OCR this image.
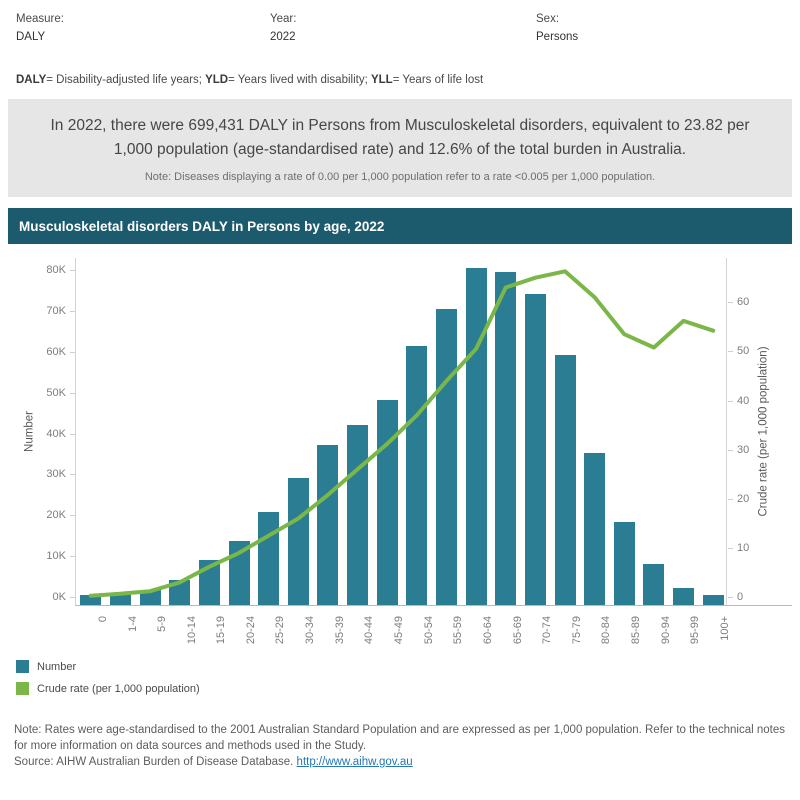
Measure:
DALY
Year:
2022
Sex:
Persons
DALY= Disability-adjusted life years; YLD= Years lived with disability; YLL= Years of life lost
In 2022, there were 699,431 DALY in Persons from Musculoskeletal disorders, equivalent to 23.82 per 1,000 population (age-standardised rate) and 12.6% of the total burden in Australia.
Note: Diseases displaying a rate of 0.00 per 1,000 population refer to a rate <0.005 per 1,000 population.
Musculoskeletal disorders DALY in Persons by age, 2022
Number	Crude rate (per 1,000 population)
0K
10K
20K
30K
40K
50K
60K
70K
80K
0
10
20
30
40
50
60
0	1-4	5-9	10-14	15-19	20-24	25-29	30-34	35-39	40-44	45-49	50-54	55-59	60-64	65-69	70-74	75-79	80-84	85-89	90-94	95-99	100+
Number
Crude rate (per 1,000 population)
Note: Rates were age-standardised to the 2001 Australian Standard Population and are expressed as per 1,000 population. Refer to the technical notes for more information on data sources and methods used in the Study.
Source: AIHW Australian Burden of Disease Database. http://www.aihw.gov.au
